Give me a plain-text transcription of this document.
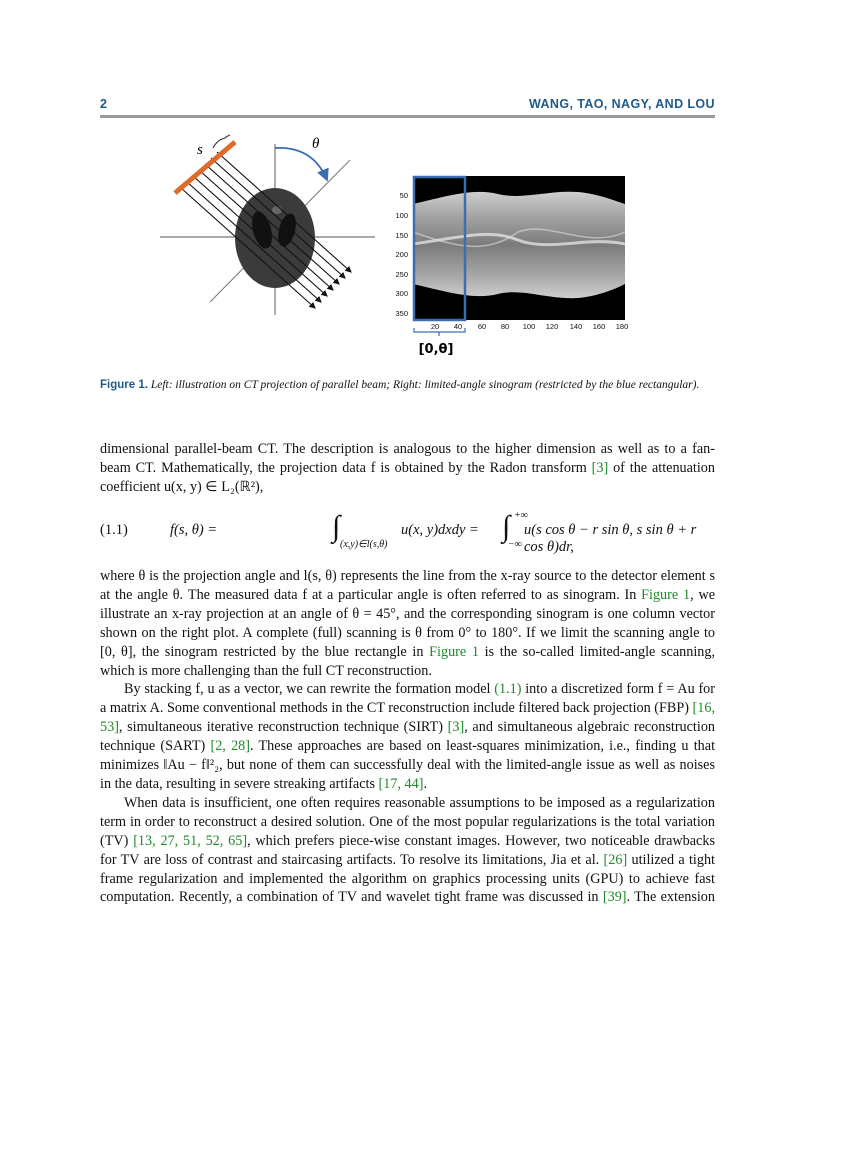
2	WANG, TAO, NAGY, AND LOU
s	θ
50
100
150
200
250
300
350
20 40 60 80 100 120 140 160 180
[0,θ]
Figure 1. Left: illustration on CT projection of parallel beam; Right: limited-angle sinogram (restricted by the blue rectangular).

dimensional parallel-beam CT. The description is analogous to the higher dimension as well as to a fan-beam CT. Mathematically, the projection data f is obtained by the Radon transform [3] of the attenuation coefficient u(x, y) ∈ L₂(ℝ²),

(1.1)	f(s, θ) =	∫
(x,y)∈l(s,θ)
u(x, y)dxdy = ∫ +∞
−∞
u(s cos θ − r sin θ, s sin θ + r cos θ)dr,

where θ is the projection angle and l(s, θ) represents the line from the x-ray source to the detector element s at the angle θ. The measured data f at a particular angle is often referred to as sinogram. In Figure 1, we illustrate an x-ray projection at an angle of θ = 45°, and the corresponding sinogram is one column vector shown on the right plot. A complete (full) scanning is θ from 0° to 180°. If we limit the scanning angle to [0, θ], the sinogram restricted by the blue rectangle in Figure 1 is the so-called limited-angle scanning, which is more challenging than the full CT reconstruction.

By stacking f, u as a vector, we can rewrite the formation model (1.1) into a discretized form f = Au for a matrix A. Some conventional methods in the CT reconstruction include filtered back projection (FBP) [16, 53], simultaneous iterative reconstruction technique (SIRT) [3], and simultaneous algebraic reconstruction technique (SART) [2, 28]. These approaches are based on least-squares minimization, i.e., finding u that minimizes ‖Au − f‖²₂, but none of them can successfully deal with the limited-angle issue as well as noises in the data, resulting in severe streaking artifacts [17, 44].

When data is insufficient, one often requires reasonable assumptions to be imposed as a regularization term in order to reconstruct a desired solution. One of the most popular regularizations is the total variation (TV) [13, 27, 51, 52, 65], which prefers piece-wise constant images. However, two noticeable drawbacks for TV are loss of contrast and staircasing artifacts. To resolve its limitations, Jia et al. [26] utilized a tight frame regularization and implemented the algorithm on graphics processing units (GPU) to achieve fast computation. Recently, a combination of TV and wavelet tight frame was discussed in [39]. The extension
